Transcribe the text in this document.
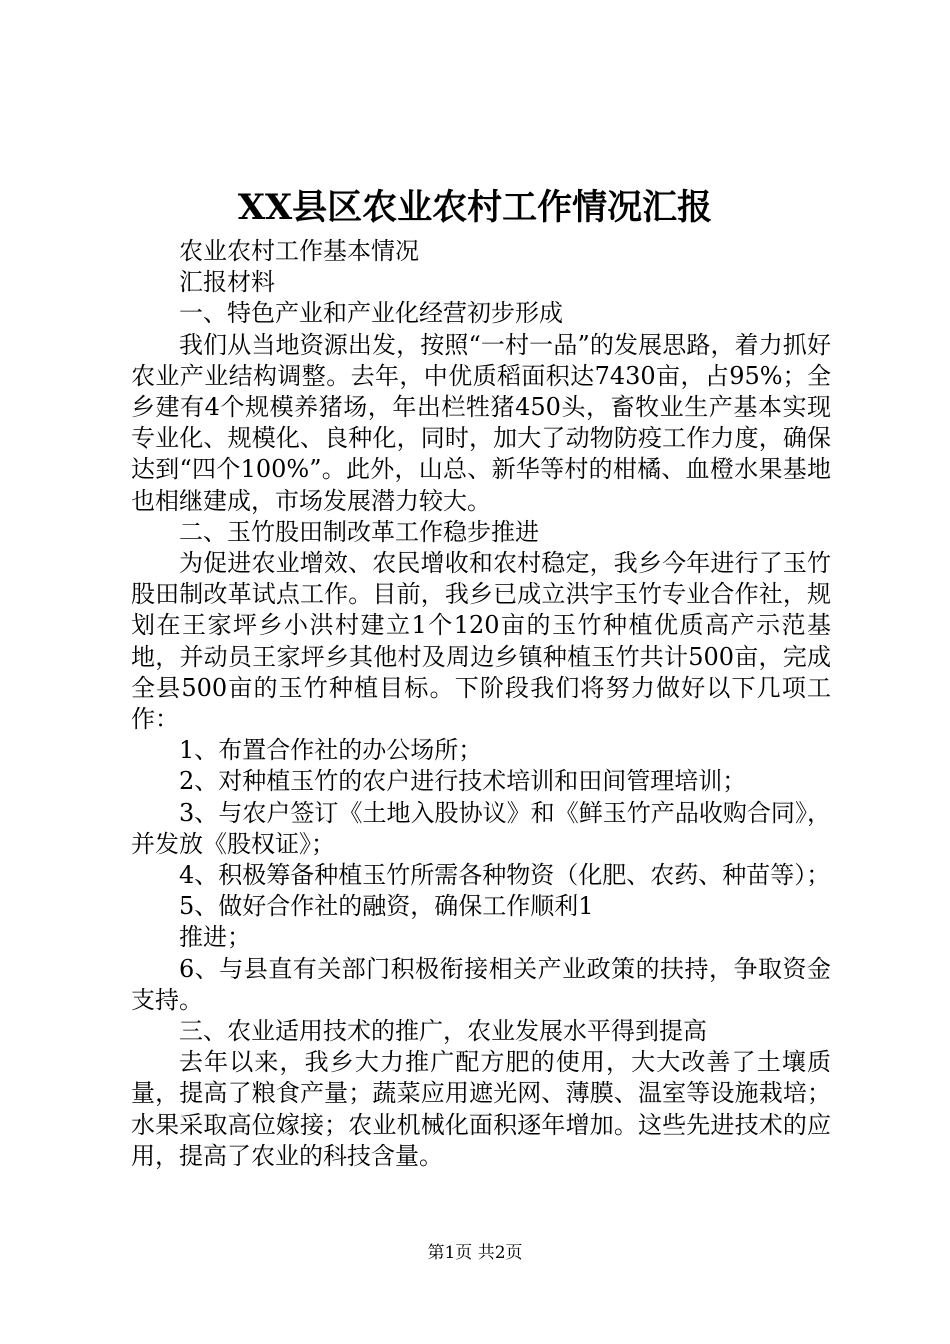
XX县区农业农村工作情况汇报

农业农村工作基本情况

汇报材料

一、特色产业和产业化经营初步形成

我们从当地资源出发，按照“一村一品”的发展思路，着力抓好农业产业结构调整。去年，中优质稻面积达7430亩，占95%；全乡建有4个规模养猪场，年出栏牲猪450头，畜牧业生产基本实现专业化、规模化、良种化，同时，加大了动物防疫工作力度，确保达到“四个100%”。此外，山总、新华等村的柑橘、血橙水果基地也相继建成，市场发展潜力较大。

二、玉竹股田制改革工作稳步推进

为促进农业增效、农民增收和农村稳定，我乡今年进行了玉竹股田制改革试点工作。目前，我乡已成立洪宇玉竹专业合作社，规划在王家坪乡小洪村建立1个120亩的玉竹种植优质高产示范基地，并动员王家坪乡其他村及周边乡镇种植玉竹共计500亩，完成全县500亩的玉竹种植目标。下阶段我们将努力做好以下几项工作：

1、布置合作社的办公场所；

2、对种植玉竹的农户进行技术培训和田间管理培训；

3、与农户签订《土地入股协议》和《鲜玉竹产品收购合同》，并发放《股权证》；

4、积极筹备种植玉竹所需各种物资（化肥、农药、种苗等）；

5、做好合作社的融资，确保工作顺利1

推进；

6、与县直有关部门积极衔接相关产业政策的扶持，争取资金支持。

三、农业适用技术的推广，农业发展水平得到提高

去年以来，我乡大力推广配方肥的使用，大大改善了土壤质量，提高了粮食产量；蔬菜应用遮光网、薄膜、温室等设施栽培；水果采取高位嫁接；农业机械化面积逐年增加。这些先进技术的应用，提高了农业的科技含量。

第1页 共2页
